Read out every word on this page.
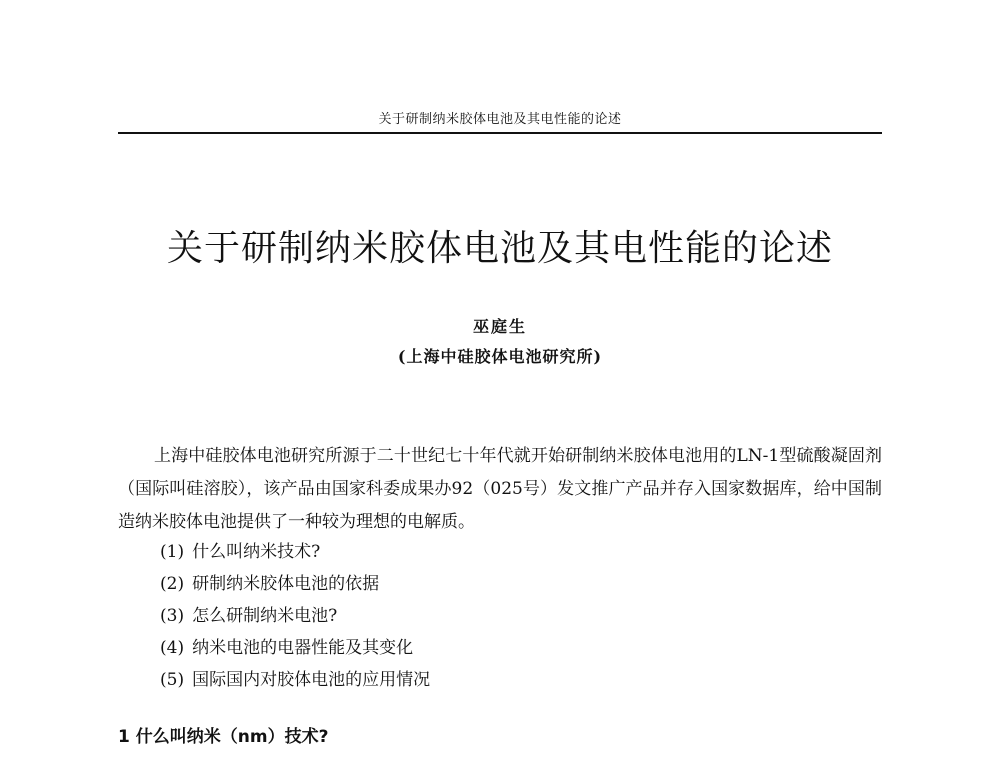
关于研制纳米胶体电池及其电性能的论述
关于研制纳米胶体电池及其电性能的论述
巫庭生
(上海中硅胶体电池研究所)

上海中硅胶体电池研究所源于二十世纪七十年代就开始研制纳米胶体电池用的LN-1型硫酸凝固剂（国际叫硅溶胶），该产品由国家科委成果办92（025号）发文推广产品并存入国家数据库，给中国制造纳米胶体电池提供了一种较为理想的电解质。

(1) 什么叫纳米技术?
(2) 研制纳米胶体电池的依据
(3) 怎么研制纳米电池?
(4) 纳米电池的电器性能及其变化
(5) 国际国内对胶体电池的应用情况
1 什么叫纳米（nm）技术?
